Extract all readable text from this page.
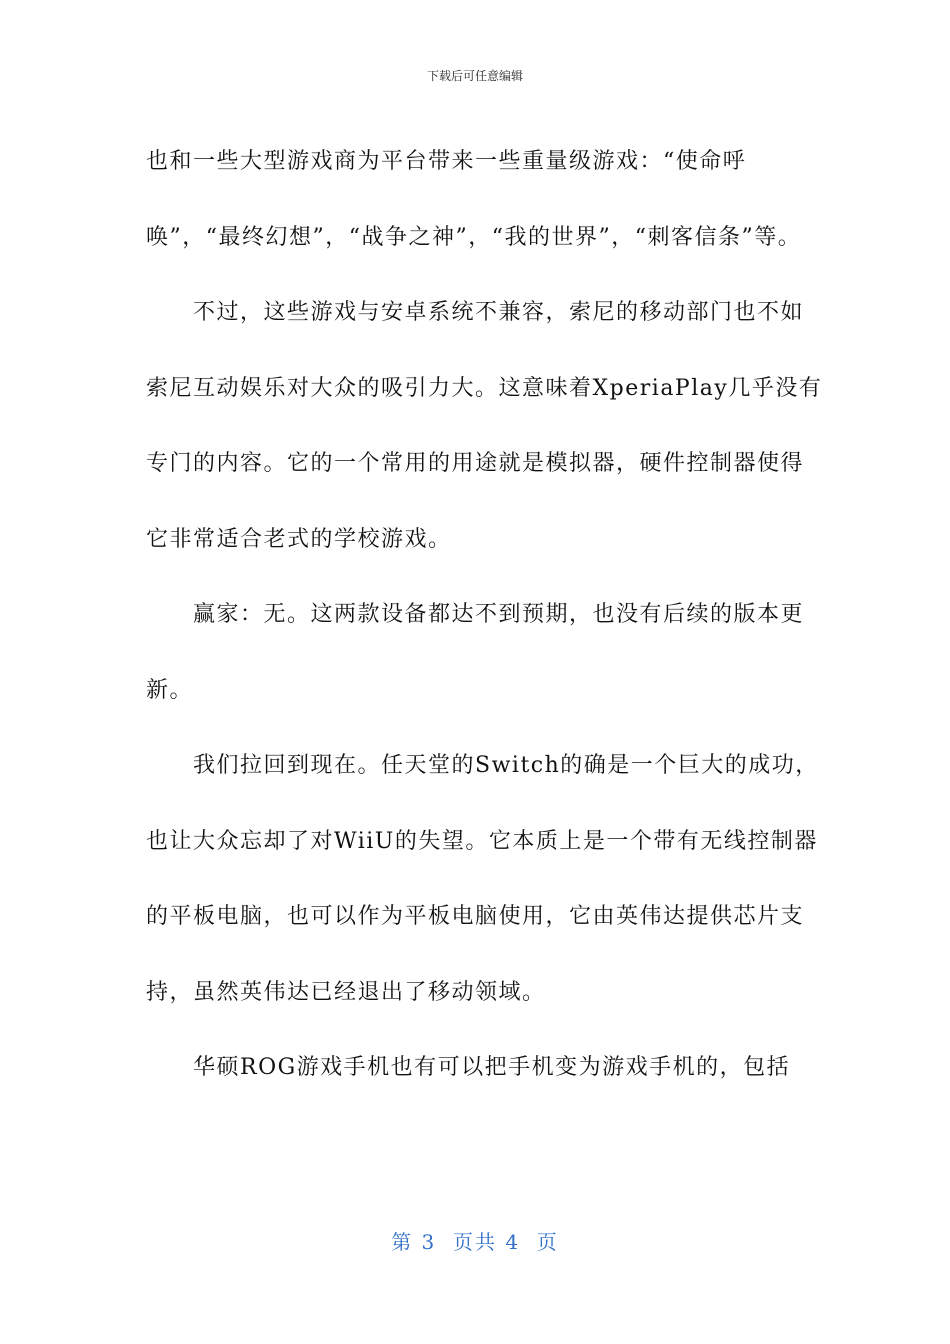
下载后可任意编辑

也和一些大型游戏商为平台带来一些重量级游戏：“使命呼唤”，“最终幻想”，“战争之神”，“我的世界”，“刺客信条”等。

不过，这些游戏与安卓系统不兼容，索尼的移动部门也不如索尼互动娱乐对大众的吸引力大。这意味着XperiaPlay几乎没有专门的内容。它的一个常用的用途就是模拟器，硬件控制器使得它非常适合老式的学校游戏。

赢家：无。这两款设备都达不到预期，也没有后续的版本更新。

我们拉回到现在。任天堂的Switch的确是一个巨大的成功，也让大众忘却了对WiiU的失望。它本质上是一个带有无线控制器的平板电脑，也可以作为平板电脑使用，它由英伟达提供芯片支持，虽然英伟达已经退出了移动领域。

华硕ROG游戏手机也有可以把手机变为游戏手机的，包括

第 3  页共 4  页
